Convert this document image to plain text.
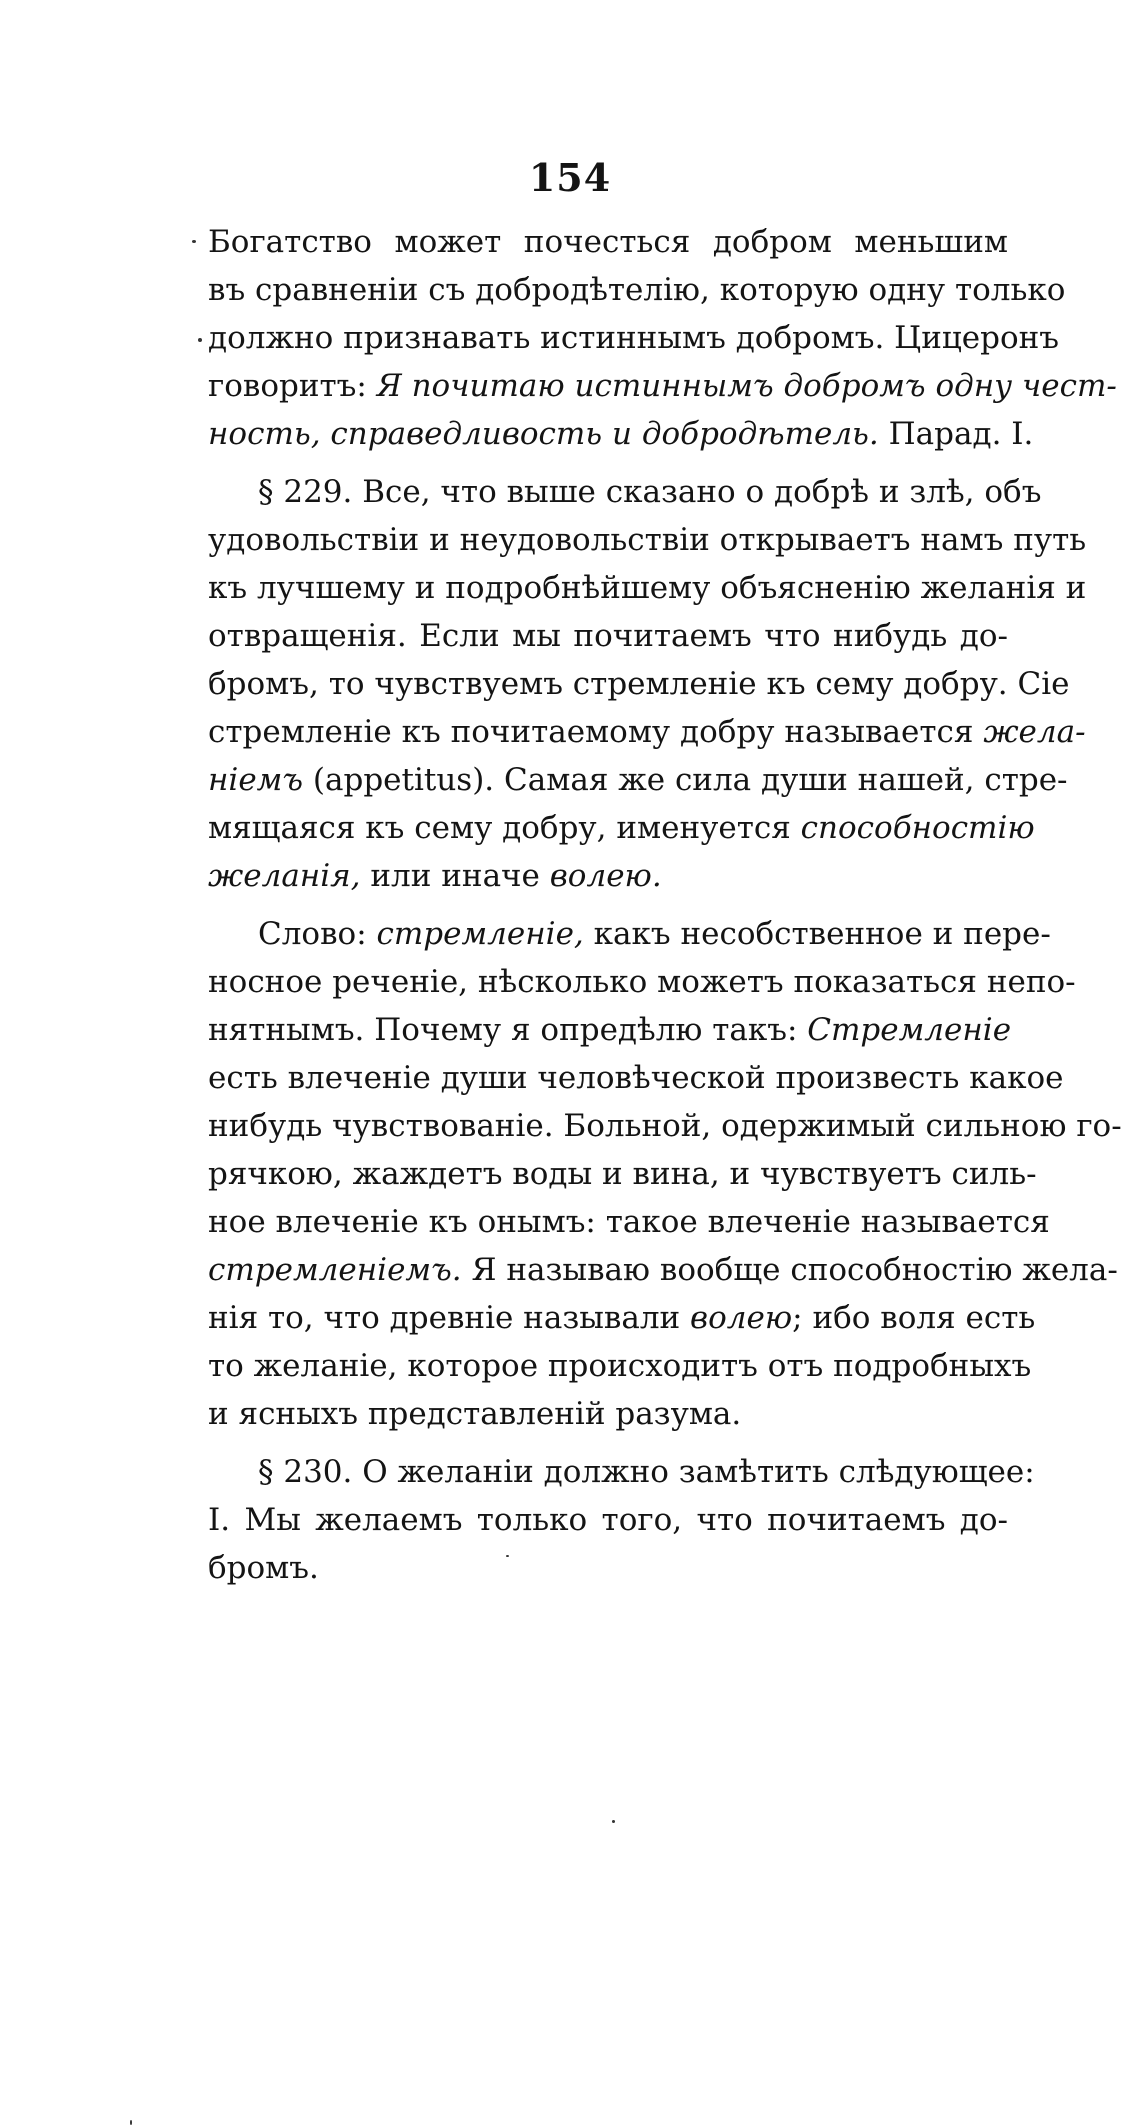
154
Богатство может почесться добром меньшим
въ сравненіи съ добродѣтелію, которую одну только
должно признавать истиннымъ добромъ. Цицеронъ
говоритъ: Я почитаю истиннымъ добромъ одну чест-
ность, справедливость и добродѣтель. Парад. I.
§ 229. Все, что выше сказано о добрѣ и злѣ, объ
удовольствіи и неудовольствіи открываетъ намъ путь
къ лучшему и подробнѣйшему объясненію желанія и
отвращенія. Если мы почитаемъ что нибудь до-
бромъ, то чувствуемъ стремленіе къ сему добру. Сіе
стремленіе къ почитаемому добру называется жела-
ніемъ (appetitus). Самая же сила души нашей, стре-
мящаяся къ сему добру, именуется способностію
желанія, или иначе волею.
Слово: стремленіе, какъ несобственное и пере-
носное реченіе, нѣсколько можетъ показаться непо-
нятнымъ. Почему я опредѣлю такъ: Стремленіе
есть влеченіе души человѣческой произвесть какое
нибудь чувствованіе. Больной, одержимый сильною го-
рячкою, жаждетъ воды и вина, и чувствуетъ силь-
ное влеченіе къ онымъ: такое влеченіе называется
стремленіемъ. Я называю вообще способностію жела-
нія то, что древніе называли волею; ибо воля есть
то желаніе, которое происходитъ отъ подробныхъ
и ясныхъ представленій разума.
§ 230. О желаніи должно замѣтить слѣдующее:
I. Мы желаемъ только того, что почитаемъ до-
бромъ.
